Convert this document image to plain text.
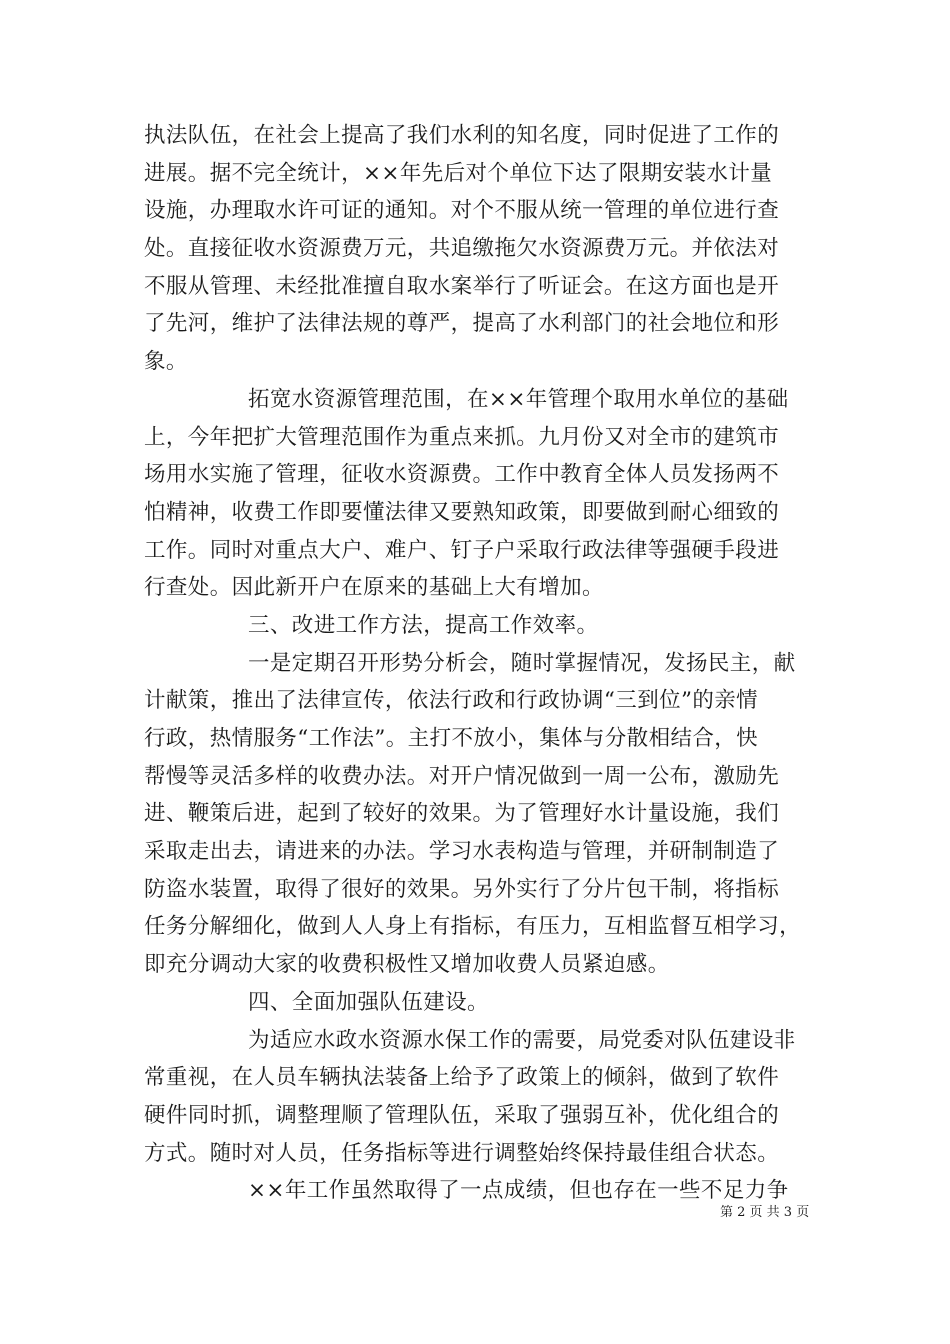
执法队伍，在社会上提高了我们水利的知名度，同时促进了工作的
进展。据不完全统计，××年先后对个单位下达了限期安装水计量
设施，办理取水许可证的通知。对个不服从统一管理的单位进行查
处。直接征收水资源费万元，共追缴拖欠水资源费万元。并依法对
不服从管理、未经批准擅自取水案举行了听证会。在这方面也是开
了先河，维护了法律法规的尊严，提高了水利部门的社会地位和形
象。
拓宽水资源管理范围，在××年管理个取用水单位的基础
上，今年把扩大管理范围作为重点来抓。九月份又对全市的建筑市
场用水实施了管理，征收水资源费。工作中教育全体人员发扬两不
怕精神，收费工作即要懂法律又要熟知政策，即要做到耐心细致的
工作。同时对重点大户、难户、钉子户采取行政法律等强硬手段进
行查处。因此新开户在原来的基础上大有增加。
三、改进工作方法，提高工作效率。
一是定期召开形势分析会，随时掌握情况，发扬民主，献
计献策，推出了法律宣传，依法行政和行政协调“三到位”的亲情
行政，热情服务“工作法”。主打不放小，集体与分散相结合，快
帮慢等灵活多样的收费办法。对开户情况做到一周一公布，激励先
进、鞭策后进，起到了较好的效果。为了管理好水计量设施，我们
采取走出去，请进来的办法。学习水表构造与管理，并研制制造了
防盗水装置，取得了很好的效果。另外实行了分片包干制，将指标
任务分解细化，做到人人身上有指标，有压力，互相监督互相学习，
即充分调动大家的收费积极性又增加收费人员紧迫感。
四、全面加强队伍建设。
为适应水政水资源水保工作的需要，局党委对队伍建设非
常重视，在人员车辆执法装备上给予了政策上的倾斜，做到了软件
硬件同时抓，调整理顺了管理队伍，采取了强弱互补，优化组合的
方式。随时对人员，任务指标等进行调整始终保持最佳组合状态。
××年工作虽然取得了一点成绩，但也存在一些不足力争
第 2 页 共 3 页
